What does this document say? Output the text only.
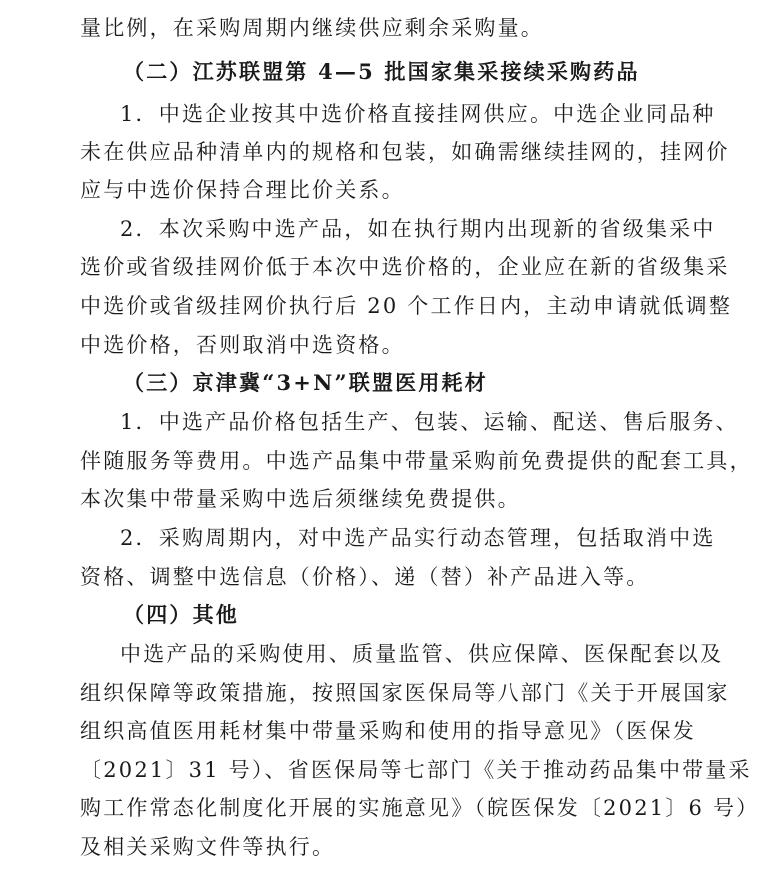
量比例，在采购周期内继续供应剩余采购量。
（二）江苏联盟第 4—5 批国家集采接续采购药品
1．中选企业按其中选价格直接挂网供应。中选企业同品种
未在供应品种清单内的规格和包装，如确需继续挂网的，挂网价
应与中选价保持合理比价关系。
2．本次采购中选产品，如在执行期内出现新的省级集采中
选价或省级挂网价低于本次中选价格的，企业应在新的省级集采
中选价或省级挂网价执行后 20 个工作日内，主动申请就低调整
中选价格，否则取消中选资格。
（三）京津冀“3+N”联盟医用耗材
1．中选产品价格包括生产、包装、运输、配送、售后服务、
伴随服务等费用。中选产品集中带量采购前免费提供的配套工具，
本次集中带量采购中选后须继续免费提供。
2．采购周期内，对中选产品实行动态管理，包括取消中选
资格、调整中选信息（价格）、递（替）补产品进入等。
（四）其他
中选产品的采购使用、质量监管、供应保障、医保配套以及
组织保障等政策措施，按照国家医保局等八部门《关于开展国家
组织高值医用耗材集中带量采购和使用的指导意见》（医保发
〔2021〕31 号）、省医保局等七部门《关于推动药品集中带量采
购工作常态化制度化开展的实施意见》（皖医保发〔2021〕6 号）
及相关采购文件等执行。
